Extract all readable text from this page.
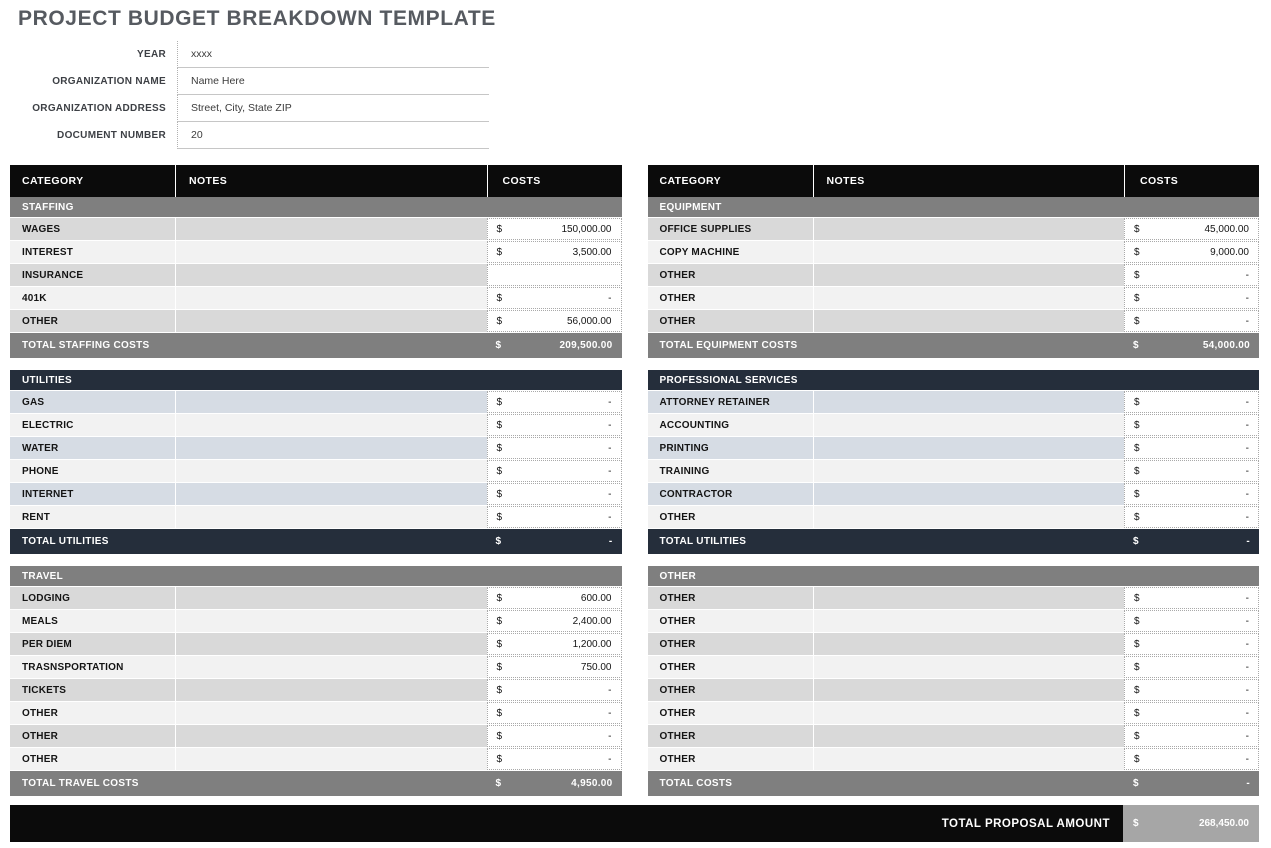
PROJECT BUDGET BREAKDOWN TEMPLATE
YEAR	xxxx
ORGANIZATION NAME	Name Here
ORGANIZATION ADDRESS	Street, City, State ZIP
DOCUMENT NUMBER	20
CATEGORY	NOTES	COSTS
STAFFING
WAGES	$	150,000.00
INTEREST	$	3,500.00
INSURANCE
401K	$	-
OTHER	$	56,000.00
TOTAL STAFFING COSTS	$	209,500.00
UTILITIES
GAS	$	-
ELECTRIC	$	-
WATER	$	-
PHONE	$	-
INTERNET	$	-
RENT	$	-
TOTAL UTILITIES	$	-
TRAVEL
LODGING	$	600.00
MEALS	$	2,400.00
PER DIEM	$	1,200.00
TRASNSPORTATION	$	750.00
TICKETS	$	-
OTHER	$	-
OTHER	$	-
OTHER	$	-
TOTAL TRAVEL COSTS	$	4,950.00
CATEGORY	NOTES	COSTS
EQUIPMENT
OFFICE SUPPLIES	$	45,000.00
COPY MACHINE	$	9,000.00
OTHER	$	-
OTHER	$	-
OTHER	$	-
TOTAL EQUIPMENT COSTS	$	54,000.00
PROFESSIONAL SERVICES
ATTORNEY RETAINER	$	-
ACCOUNTING	$	-
PRINTING	$	-
TRAINING	$	-
CONTRACTOR	$	-
OTHER	$	-
TOTAL UTILITIES	$	-
OTHER
OTHER	$	-
OTHER	$	-
OTHER	$	-
OTHER	$	-
OTHER	$	-
OTHER	$	-
OTHER	$	-
OTHER	$	-
TOTAL COSTS	$	-
TOTAL PROPOSAL AMOUNT	$	268,450.00
